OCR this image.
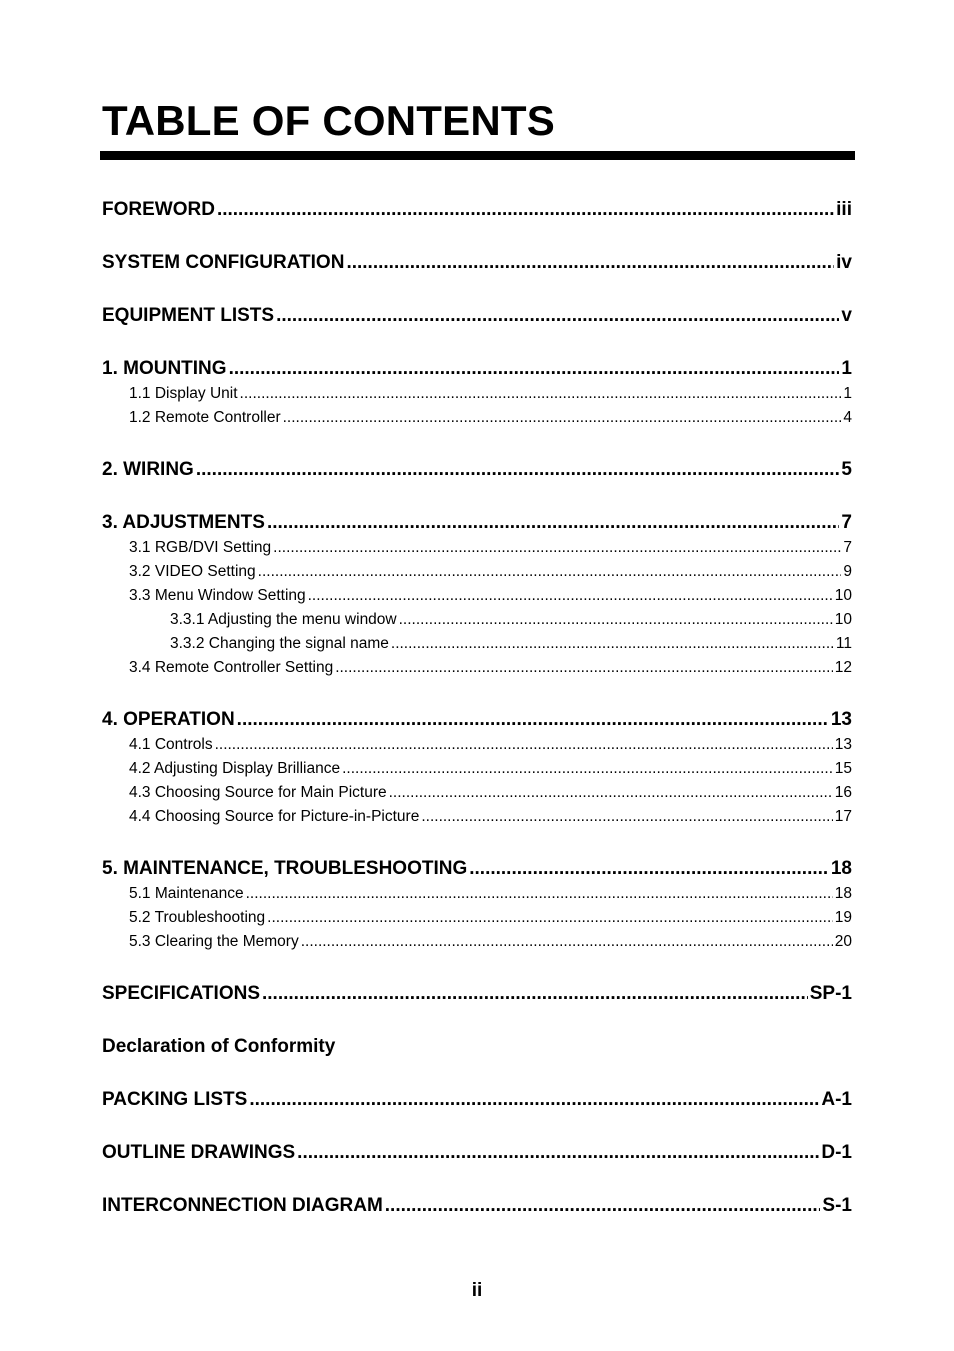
TABLE OF CONTENTS
FOREWORD .....	iii
SYSTEM CONFIGURATION .....	iv
EQUIPMENT LISTS .....	v
1. MOUNTING .....	1
1.1 Display Unit .....	1
1.2 Remote Controller .....	4
2. WIRING .....	5
3. ADJUSTMENTS .....	7
3.1 RGB/DVI Setting .....	7
3.2 VIDEO Setting .....	9
3.3 Menu Window Setting .....	10
3.3.1 Adjusting the menu window .....	10
3.3.2 Changing the signal name .....	11
3.4 Remote Controller Setting .....	12
4. OPERATION .....	13
4.1 Controls .....	13
4.2 Adjusting Display Brilliance .....	15
4.3 Choosing Source for Main Picture .....	16
4.4 Choosing Source for Picture-in-Picture .....	17
5. MAINTENANCE, TROUBLESHOOTING .....	18
5.1 Maintenance .....	18
5.2 Troubleshooting .....	19
5.3 Clearing the Memory .....	20
SPECIFICATIONS .....	SP-1
Declaration of Conformity
PACKING LISTS .....	A-1
OUTLINE DRAWINGS .....	D-1
INTERCONNECTION DIAGRAM .....	S-1
ii
